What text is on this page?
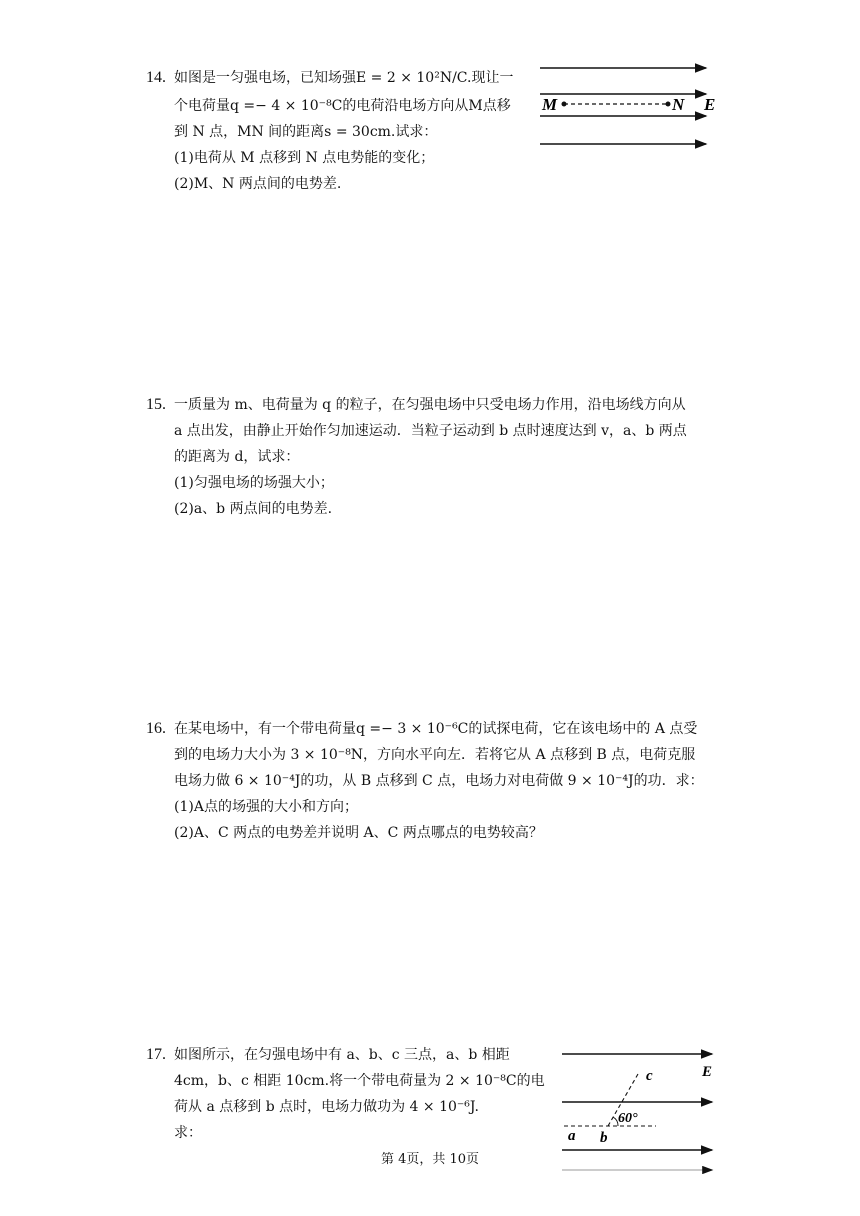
14. 如图是一匀强电场，已知场强E = 2 × 10²N/C.现让一
个电荷量q =− 4 × 10⁻⁸C的电荷沿电场方向从M点移
到 N 点，MN 间的距离s = 30cm.试求：
(1)电荷从 M 点移到 N 点电势能的变化；
(2)M、N 两点间的电势差.
M	N E
15. 一质量为 m、电荷量为 q 的粒子，在匀强电场中只受电场力作用，沿电场线方向从
a 点出发，由静止开始作匀加速运动．当粒子运动到 b 点时速度达到 v，a、b 两点
的距离为 d，试求：
(1)匀强电场的场强大小；
(2)a、b 两点间的电势差.
16. 在某电场中，有一个带电荷量q =− 3 × 10⁻⁶C的试探电荷，它在该电场中的 A 点受
到的电场力大小为 3 × 10⁻⁸N，方向水平向左．若将它从 A 点移到 B 点，电荷克服
电场力做 6 × 10⁻⁴J的功，从 B 点移到 C 点，电场力对电荷做 9 × 10⁻⁴J的功．求：
(1)A点的场强的大小和方向；
(2)A、C 两点的电势差并说明 A、C 两点哪点的电势较高？
17. 如图所示，在匀强电场中有 a、b、c 三点，a、b 相距
4cm，b、c 相距 10cm.将一个带电荷量为 2 × 10⁻⁸C的电
荷从 a 点移到 b 点时，电场力做功为 4 × 10⁻⁶J.
求：
60°
a b
c	E
第 4页，共 10页
